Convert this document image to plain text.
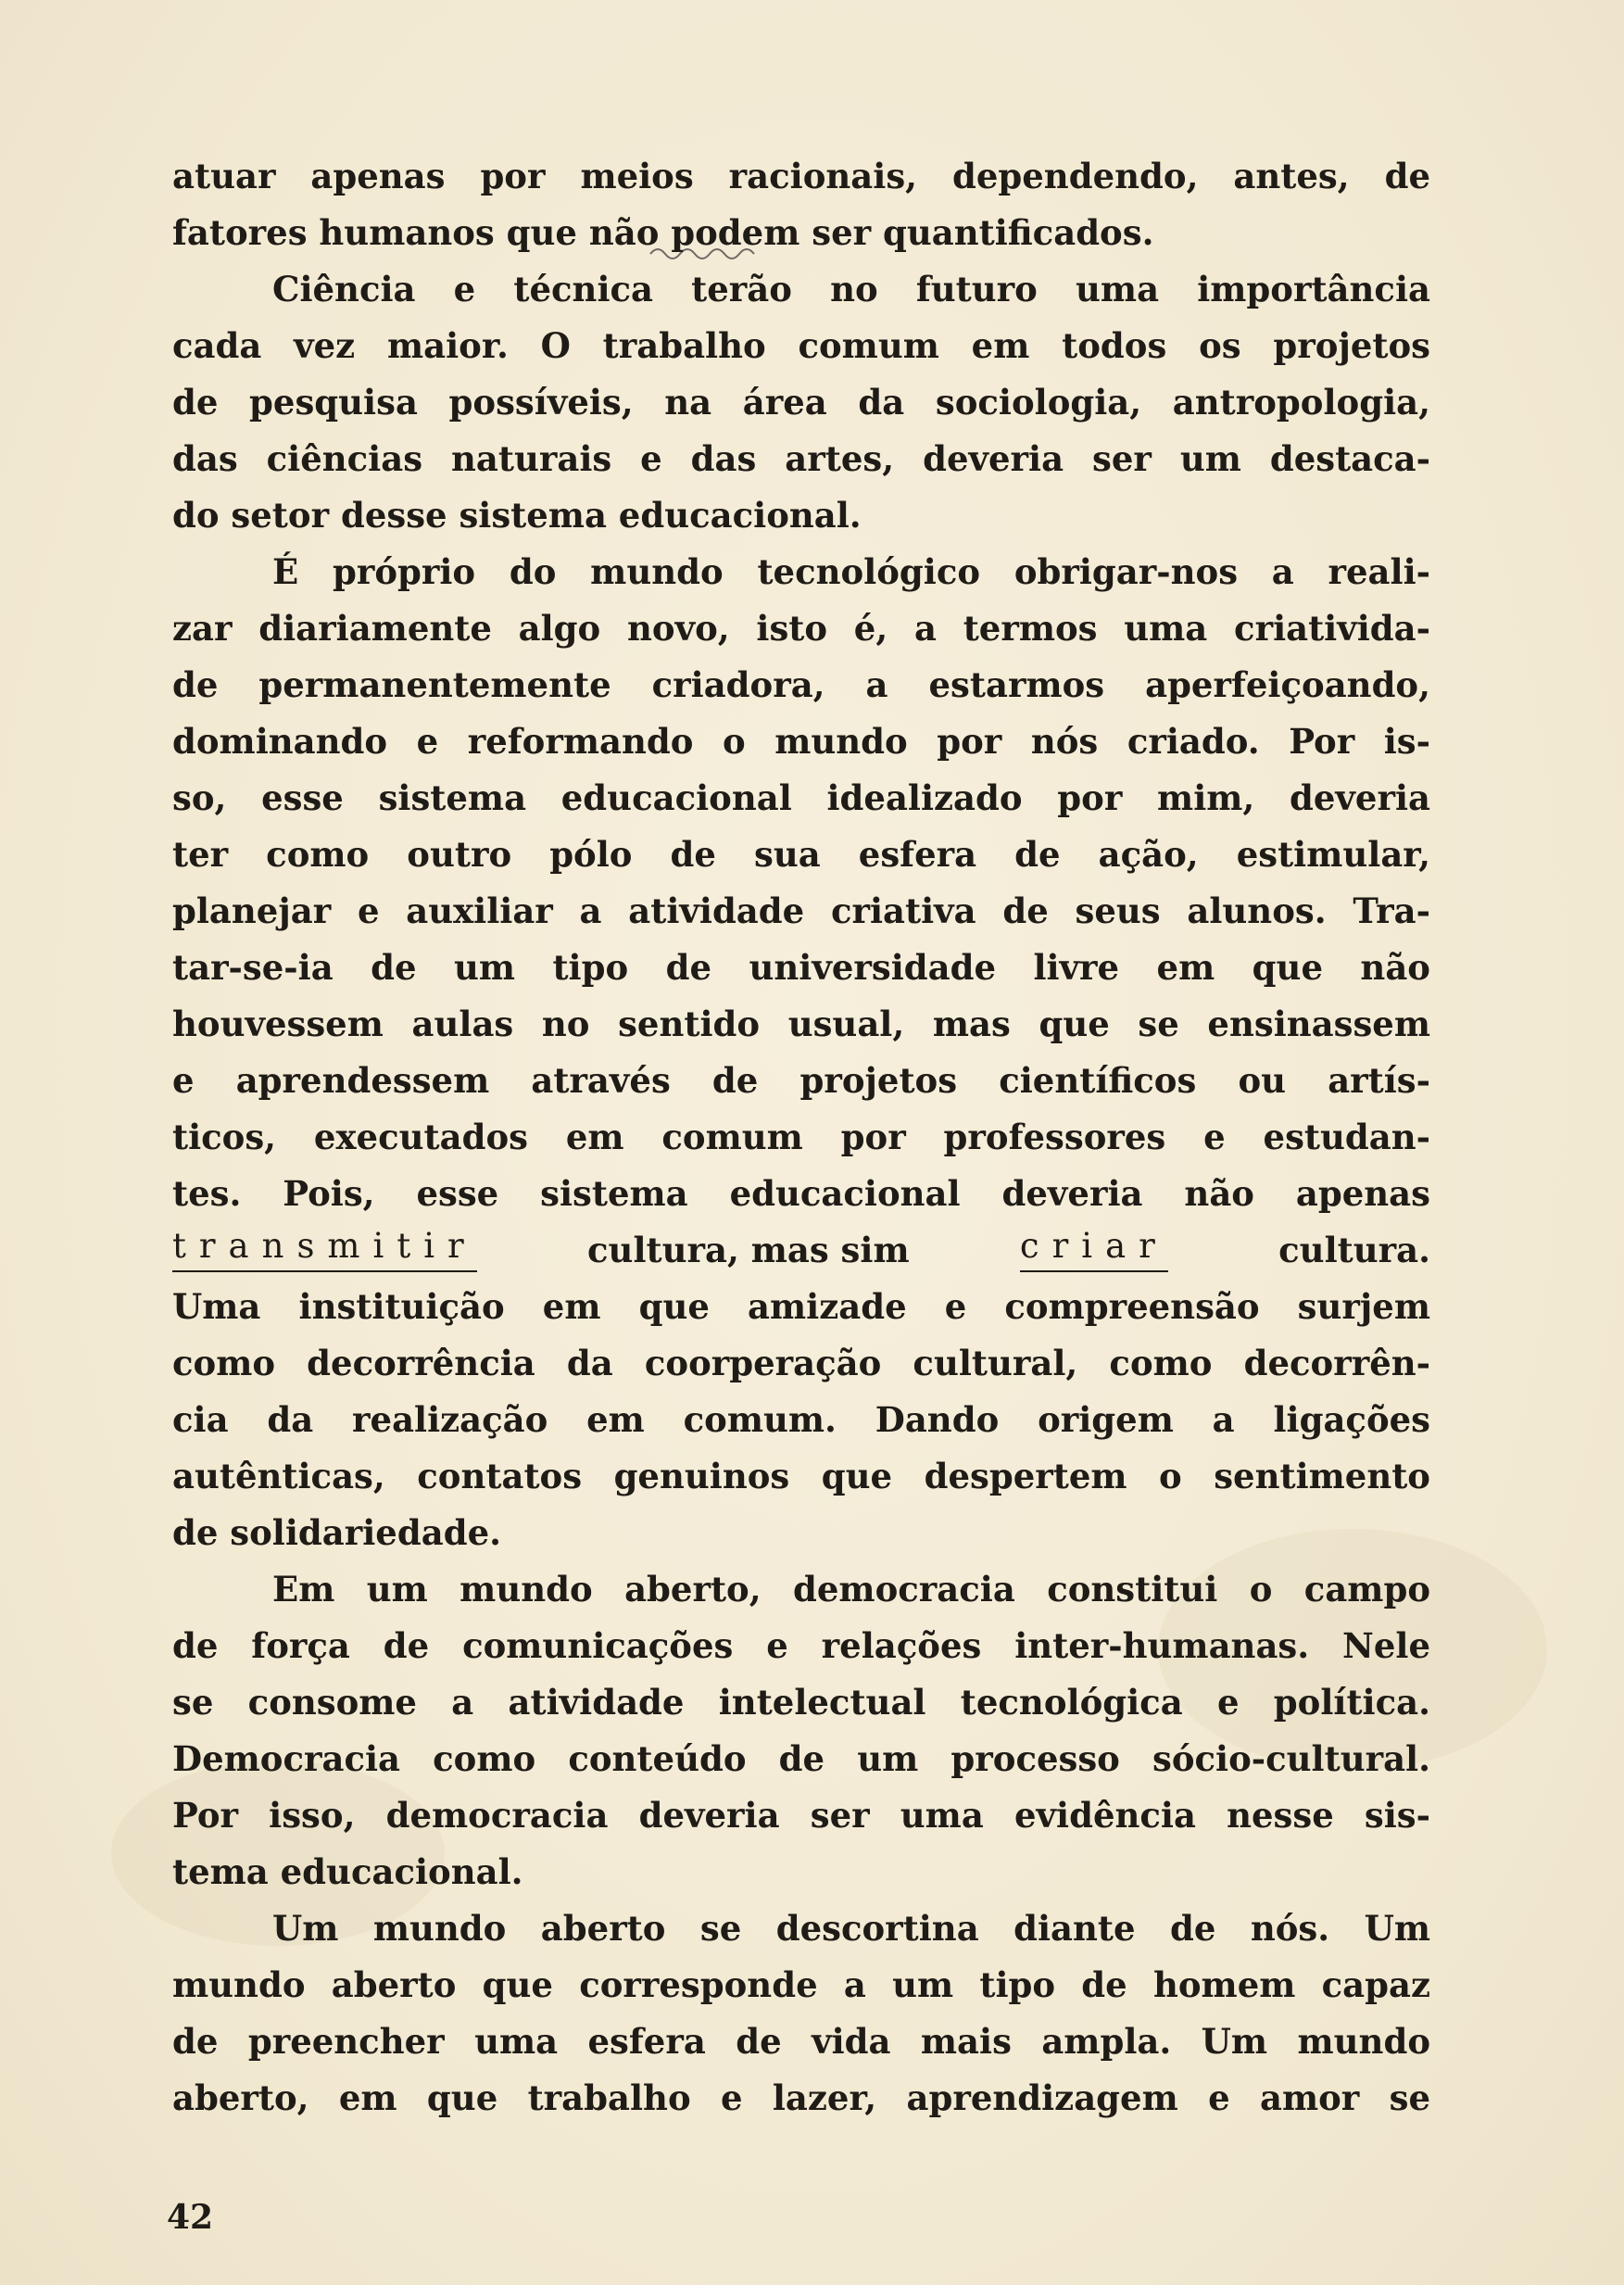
atuar apenas por meios racionais, dependendo, antes, de
fatores humanos que não podem ser quantificados.
Ciência e técnica terão no futuro uma importância
cada vez maior. O trabalho comum em todos os projetos
de pesquisa possíveis, na área da sociologia, antropologia,
das ciências naturais e das artes, deveria ser um destaca-
do setor desse sistema educacional.
É próprio do mundo tecnológico obrigar-nos a reali-
zar diariamente algo novo, isto é, a termos uma criativida-
de permanentemente criadora, a estarmos aperfeiçoando,
dominando e reformando o mundo por nós criado. Por is-
so, esse sistema educacional idealizado por mim, deveria
ter como outro pólo de sua esfera de ação, estimular,
planejar e auxiliar a atividade criativa de seus alunos. Tra-
tar-se-ia de um tipo de universidade livre em que não
houvessem aulas no sentido usual, mas que se ensinassem
e aprendessem através de projetos científicos ou artís-
ticos, executados em comum por professores e estudan-
tes. Pois, esse sistema educacional deveria não apenas
transmitir	cultura, mas sim	criar	cultura.
Uma instituição em que amizade e compreensão surjem
como decorrência da coorperação cultural, como decorrên-
cia da realização em comum. Dando origem a ligações
autênticas, contatos genuinos que despertem o sentimento
de solidariedade.
Em um mundo aberto, democracia constitui o campo
de força de comunicações e relações inter-humanas. Nele
se consome a atividade intelectual tecnológica e política.
Democracia como conteúdo de um processo sócio-cultural.
Por isso, democracia deveria ser uma evidência nesse sis-
tema educacional.
Um mundo aberto se descortina diante de nós. Um
mundo aberto que corresponde a um tipo de homem capaz
de preencher uma esfera de vida mais ampla. Um mundo
aberto, em que trabalho e lazer, aprendizagem e amor se
42
